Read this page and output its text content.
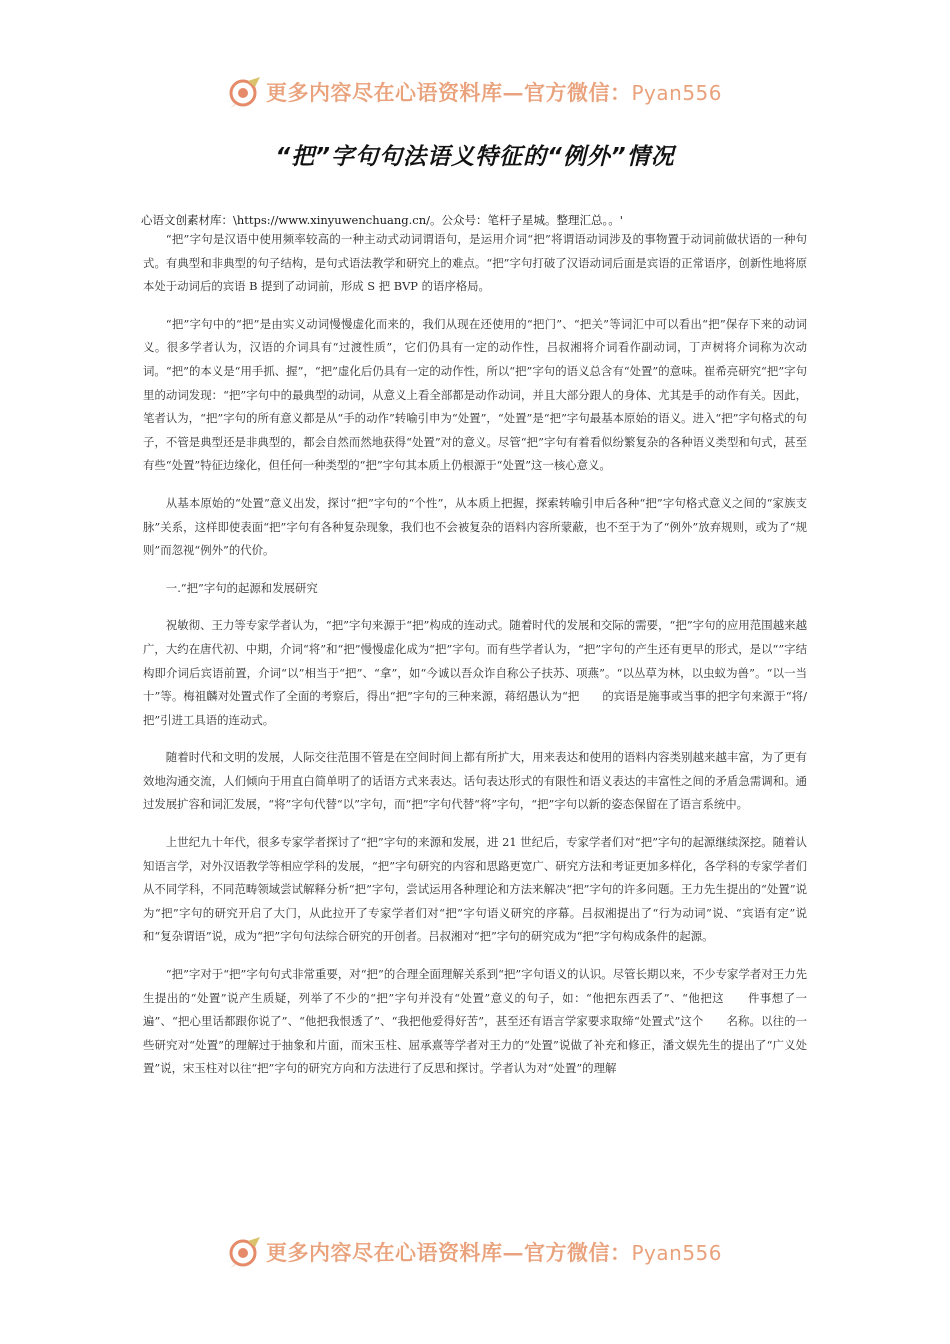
更多内容尽在心语资料库—官方微信：Pyan556
“把”字句句法语义特征的“例外”情况

心语文创素材库：\https://www.xinyuwenchuang.cn/。公众号：笔杆子星城。整理汇总。。'

“把”字句是汉语中使用频率较高的一种主动式动词谓语句，是运用介词“把”将谓语动词涉及的事物置于动词前做状语的一种句式。有典型和非典型的句子结构，是句式语法教学和研究上的难点。“把”字句打破了汉语动词后面是宾语的正常语序，创新性地将原本处于动词后的宾语 B 提到了动词前，形成 S 把 BVP 的语序格局。

“把”字句中的“把”是由实义动词慢慢虚化而来的，我们从现在还使用的“把门”、“把关”等词汇中可以看出“把”保存下来的动词义。很多学者认为，汉语的介词具有“过渡性质”，它们仍具有一定的动作性，吕叔湘将介词看作副动词，丁声树将介词称为次动词。“把”的本义是“用手抓、握”，“把”虚化后仍具有一定的动作性，所以“把”字句的语义总含有“处置”的意味。崔希亮研究“把”字句里的动词发现：“把”字句中的最典型的动词，从意义上看全部都是动作动词，并且大部分跟人的身体、尤其是手的动作有关。因此，笔者认为，“把”字句的所有意义都是从“手的动作”转喻引申为“处置”，“处置”是“把”字句最基本原始的语义。进入“把”字句格式的句子，不管是典型还是非典型的，都会自然而然地获得“处置”对的意义。尽管“把”字句有着看似纷繁复杂的各种语义类型和句式，甚至有些“处置”特征边缘化，但任何一种类型的“把”字句其本质上仍根源于“处置”这一核心意义。

从基本原始的“处置”意义出发，探讨“把”字句的“个性”，从本质上把握，探索转喻引申后各种“把”字句格式意义之间的“家族支脉”关系，这样即使表面“把”字句有各种复杂现象，我们也不会被复杂的语料内容所蒙蔽，也不至于为了“例外”放弃规则，或为了“规则”而忽视“例外”的代价。

一.“把”字句的起源和发展研究

祝敏彻、王力等专家学者认为，“把”字句来源于“把”构成的连动式。随着时代的发展和交际的需要，“把”字句的应用范围越来越广，大约在唐代初、中期，介词“将”和“把”慢慢虚化成为“把”字句。而有些学者认为，“把”字句的产生还有更早的形式，是以“”字结构即介词后宾语前置，介词“以”相当于“把”、“拿”，如“今诚以吾众诈自称公子扶苏、项燕”。“以丛草为林，以虫蚁为兽”。“以一当十”等。梅祖麟对处置式作了全面的考察后，得出“把”字句的三种来源，蒋绍愚认为“把　　的宾语是施事或当事的把字句来源于“将/把”引进工具语的连动式。

随着时代和文明的发展，人际交往范围不管是在空间时间上都有所扩大，用来表达和使用的语料内容类别越来越丰富，为了更有效地沟通交流，人们倾向于用直白简单明了的话语方式来表达。话句表达形式的有限性和语义表达的丰富性之间的矛盾急需调和。通过发展扩容和词汇发展，“将”字句代替“以”字句，而“把”字句代替“将”字句，“把”字句以新的姿态保留在了语言系统中。

上世纪九十年代，很多专家学者探讨了“把”字句的来源和发展，进 21 世纪后，专家学者们对“把”字句的起源继续深挖。随着认知语言学，对外汉语教学等相应学科的发展，“把”字句研究的内容和思路更宽广、研究方法和考证更加多样化，各学科的专家学者们从不同学科，不同范畴领域尝试解释分析“把”字句，尝试运用各种理论和方法来解决“把”字句的许多问题。王力先生提出的“处置”说为“把”字句的研究开启了大门，从此拉开了专家学者们对“把”字句语义研究的序幕。吕叔湘提出了“行为动词”说、“宾语有定”说和“复杂谓语”说，成为“把”字句句法综合研究的开创者。吕叔湘对“把”字句的研究成为“把”字句构成条件的起源。

“把”字对于“把”字句句式非常重要，对“把”的合理全面理解关系到“把”字句语义的认识。尽管长期以来，不少专家学者对王力先生提出的“处置”说产生质疑，列举了不少的“把”字句并没有“处置”意义的句子，如：“他把东西丢了”、“他把这　　件事想了一遍”、“把心里话都跟你说了”、“他把我恨透了”、“我把他爱得好苦”，甚至还有语言学家要求取缔“处置式”这个　　名称。以往的一些研究对“处置”的理解过于抽象和片面，而宋玉柱、屈承熹等学者对王力的“处置”说做了补充和修正，潘文娱先生的提出了“广义处置”说，宋玉柱对以往“把”字句的研究方向和方法进行了反思和探讨。学者认为对“处置”的理解

更多内容尽在心语资料库—官方微信：Pyan556
